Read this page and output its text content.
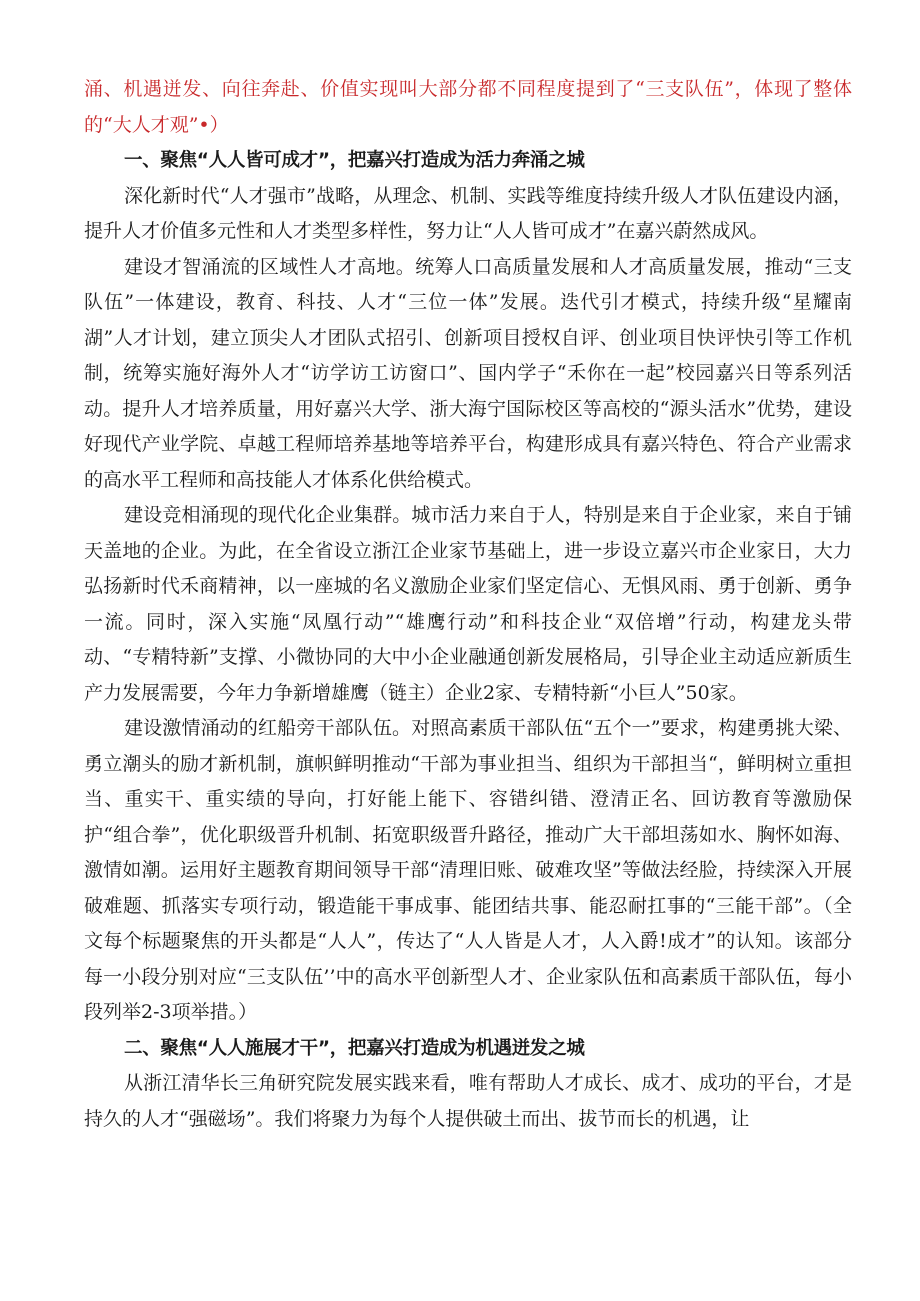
涌、机遇迸发、向往奔赴、价值实现叫大部分都不同程度提到了“三支队伍”，体现了整体的“大人才观”•）

一、聚焦“人人皆可成才”，把嘉兴打造成为活力奔涌之城

深化新时代“人才强市”战略，从理念、机制、实践等维度持续升级人才队伍建设内涵，提升人才价值多元性和人才类型多样性，努力让“人人皆可成才”在嘉兴蔚然成风。

建设才智涌流的区域性人才高地。统筹人口高质量发展和人才高质量发展，推动“三支队伍”一体建设，教育、科技、人才“三位一体”发展。迭代引才模式，持续升级“星耀南湖”人才计划，建立顶尖人才团队式招引、创新项目授权自评、创业项目快评快引等工作机制，统筹实施好海外人才“访学访工访窗口”、国内学子“禾你在一起”校园嘉兴日等系列活动。提升人才培养质量，用好嘉兴大学、浙大海宁国际校区等高校的“源头活水”优势，建设好现代产业学院、卓越工程师培养基地等培养平台，构建形成具有嘉兴特色、符合产业需求的高水平工程师和高技能人才体系化供给模式。

建设竞相涌现的现代化企业集群。城市活力来自于人，特别是来自于企业家，来自于铺天盖地的企业。为此，在全省设立浙江企业家节基础上，进一步设立嘉兴市企业家日，大力弘扬新时代禾商精神，以一座城的名义激励企业家们坚定信心、无惧风雨、勇于创新、勇争一流。同时，深入实施“凤凰行动”“雄鹰行动”和科技企业“双倍增”行动，构建龙头带动、“专精特新”支撑、小微协同的大中小企业融通创新发展格局，引导企业主动适应新质生产力发展需要，今年力争新增雄鹰（链主）企业2家、专精特新“小巨人”50家。

建设激情涌动的红船旁干部队伍。对照高素质干部队伍“五个一”要求，构建勇挑大梁、勇立潮头的励才新机制，旗帜鲜明推动“干部为事业担当、组织为干部担当“，鲜明树立重担当、重实干、重实绩的导向，打好能上能下、容错纠错、澄清正名、回访教育等激励保护“组合拳”，优化职级晋升机制、拓宽职级晋升路径，推动广大干部坦荡如水、胸怀如海、激情如潮。运用好主题教育期间领导干部“清理旧账、破难攻坚”等做法经脸，持续深入开展破难题、抓落实专项行动，锻造能干事成事、能团结共事、能忍耐扛事的“三能干部”。（全文每个标题聚焦的开头都是“人人”，传达了“人人皆是人才，人入爵!成才”的认知。该部分每一小段分别对应“三支队伍’’中的高水平创新型人才、企业家队伍和高素质干部队伍，每小段列举2-3项举措。）

二、聚焦“人人施展才干”，把嘉兴打造成为机遇迸发之城

从浙江清华长三角研究院发展实践来看，唯有帮助人才成长、成才、成功的平台，才是持久的人才“强磁场”。我们将聚力为每个人提供破土而出、拔节而长的机遇，让
